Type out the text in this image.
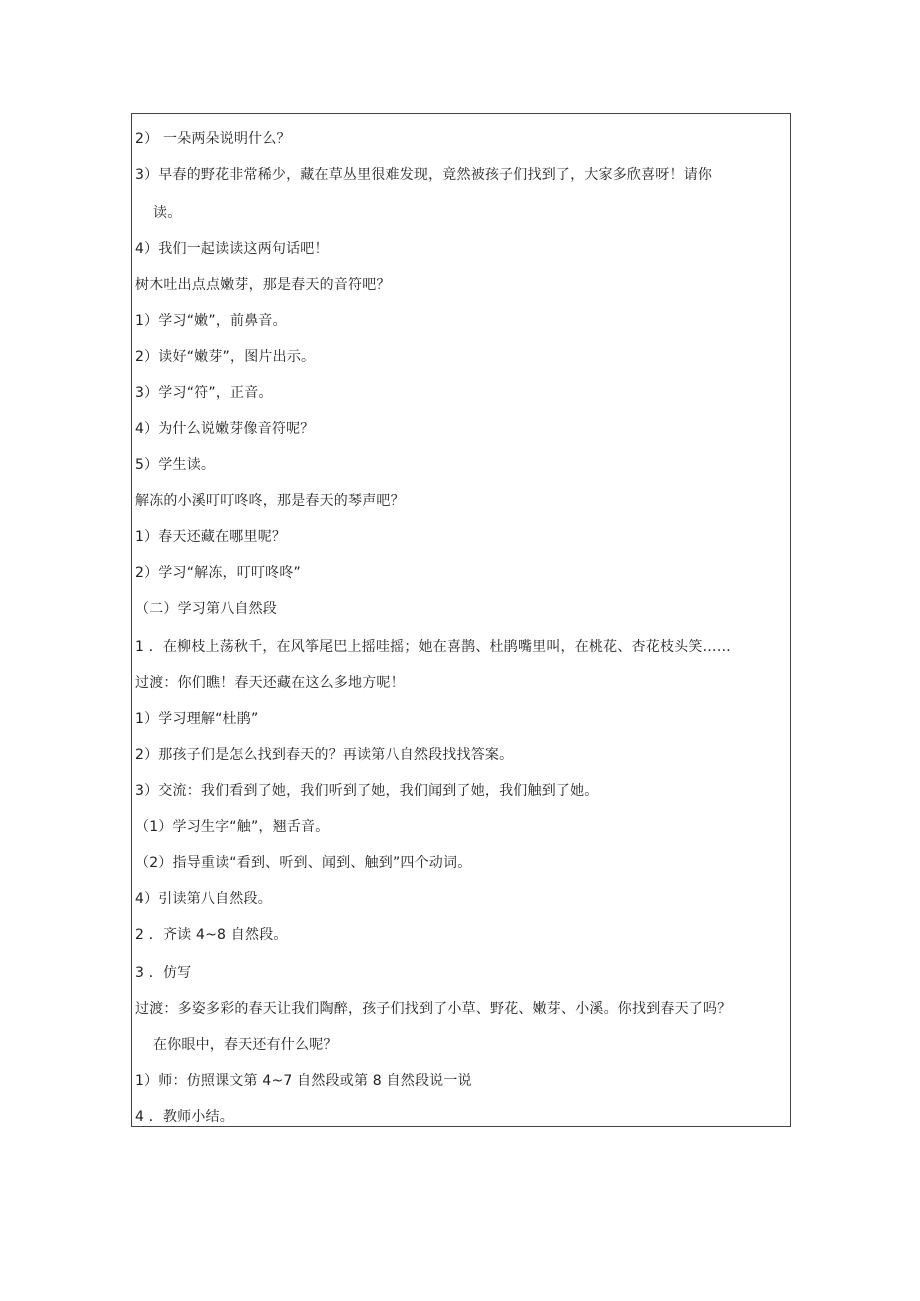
2） 一朵两朵说明什么？
3）早春的野花非常稀少，藏在草丛里很难发现，竟然被孩子们找到了，大家多欣喜呀！请你
读。
4）我们一起读读这两句话吧！
树木吐出点点嫩芽，那是春天的音符吧？
1）学习“嫩”，前鼻音。
2）读好“嫩芽”，图片出示。
3）学习“符”，正音。
4）为什么说嫩芽像音符呢？
5）学生读。
解冻的小溪叮叮咚咚，那是春天的琴声吧？
1）春天还藏在哪里呢？
2）学习“解冻，叮叮咚咚”
（二）学习第八自然段
1 ．在柳枝上荡秋千，在风筝尾巴上摇哇摇；她在喜鹊、杜鹃嘴里叫，在桃花、杏花枝头笑……
过渡：你们瞧！春天还藏在这么多地方呢！
1）学习理解“杜鹃”
2）那孩子们是怎么找到春天的？再读第八自然段找找答案。
3）交流：我们看到了她，我们听到了她，我们闻到了她，我们触到了她。
（1）学习生字“触”，翘舌音。
（2）指导重读“看到、听到、闻到、触到”四个动词。
4）引读第八自然段。
2 ．齐读 4~8 自然段。
3 ．仿写
过渡：多姿多彩的春天让我们陶醉，孩子们找到了小草、野花、嫩芽、小溪。你找到春天了吗？
在你眼中，春天还有什么呢？
1）师：仿照课文第 4~7 自然段或第 8 自然段说一说
4 ．教师小结。
